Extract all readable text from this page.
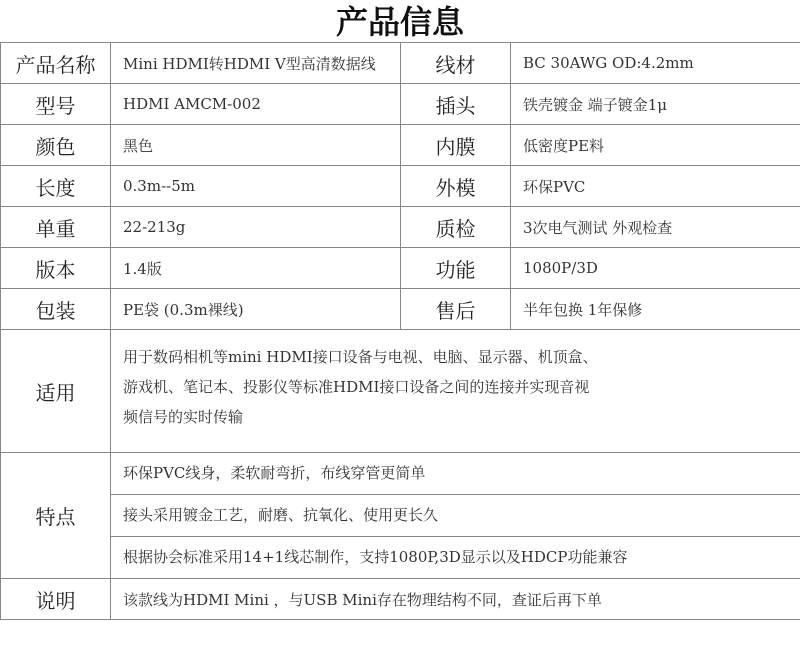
产品信息
产品名称	Mini HDMI转HDMI V型高清数据线	线材	BC 30AWG OD:4.2mm
型号	HDMI AMCM-002	插头	铁壳镀金 端子镀金1μ
颜色	黑色	内膜	低密度PE料
长度	0.3m--5m	外模	环保PVC
单重	22-213g	质检	3次电气测试 外观检查
版本	1.4版	功能	1080P/3D
包装	PE袋 (0.3m裸线)	售后	半年包换 1年保修
适用	用于数码相机等mini HDMI接口设备与电视、电脑、显示器、机顶盒、
游戏机、笔记本、投影仪等标准HDMI接口设备之间的连接并实现音视
频信号的实时传输		

特点	环保PVC线身，柔软耐弯折，布线穿管更简单
接头采用镀金工艺，耐磨、抗氧化、使用更长久
根据协会标准采用14+1线芯制作，支持1080P,3D显示以及HDCP功能兼容		

说明	该款线为HDMI Mini ，与USB Mini存在物理结构不同，查证后再下单		
